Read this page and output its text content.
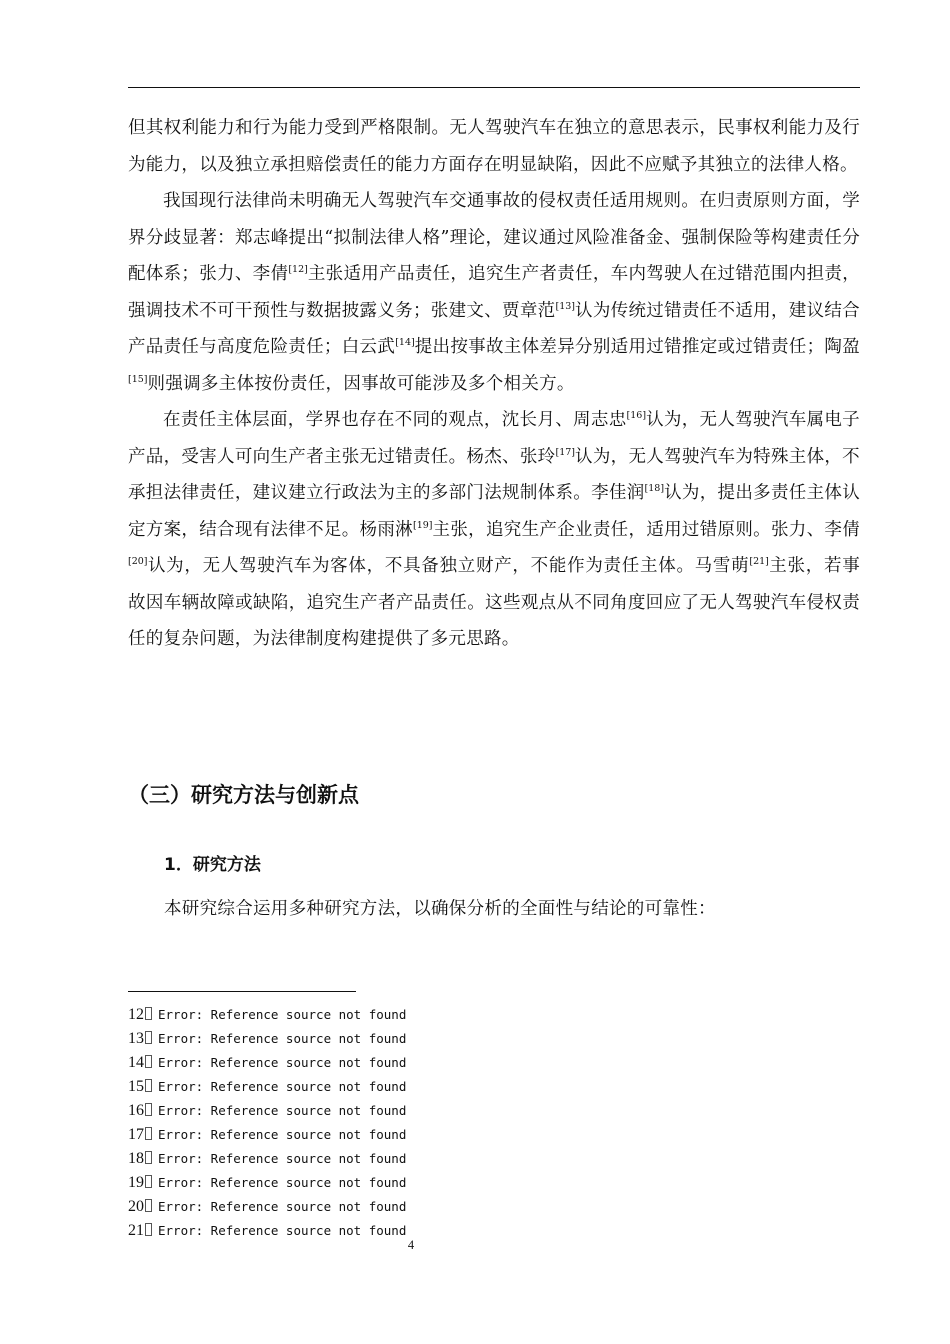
但其权利能力和行为能力受到严格限制。无人驾驶汽车在独立的意思表示，民事权利能力及行为能力，以及独立承担赔偿责任的能力方面存在明显缺陷，因此不应赋予其独立的法律人格。

我国现行法律尚未明确无人驾驶汽车交通事故的侵权责任适用规则。在归责原则方面，学界分歧显著：郑志峰提出“拟制法律人格”理论，建议通过风险准备金、强制保险等构建责任分配体系；张力、李倩[12]主张适用产品责任，追究生产者责任，车内驾驶人在过错范围内担责，强调技术不可干预性与数据披露义务；张建文、贾章范[13]认为传统过错责任不适用，建议结合产品责任与高度危险责任；白云武[14]提出按事故主体差异分别适用过错推定或过错责任；陶盈[15]则强调多主体按份责任，因事故可能涉及多个相关方。

在责任主体层面，学界也存在不同的观点，沈长月、周志忠[16]认为，无人驾驶汽车属电子产品，受害人可向生产者主张无过错责任。杨杰、张玲[17]认为，无人驾驶汽车为特殊主体，不承担法律责任，建议建立行政法为主的多部门法规制体系。李佳润[18]认为，提出多责任主体认定方案，结合现有法律不足。杨雨淋[19]主张，追究生产企业责任，适用过错原则。张力、李倩[20]认为，无人驾驶汽车为客体，不具备独立财产，不能作为责任主体。马雪萌[21]主张，若事故因车辆故障或缺陷，追究生产者产品责任。这些观点从不同角度回应了无人驾驶汽车侵权责任的复杂问题，为法律制度构建提供了多元思路。

（三）研究方法与创新点
1．研究方法
本研究综合运用多种研究方法，以确保分析的全面性与结论的可靠性：
12 Error: Reference source not found
13 Error: Reference source not found
14 Error: Reference source not found
15 Error: Reference source not found
16 Error: Reference source not found
17 Error: Reference source not found
18 Error: Reference source not found
19 Error: Reference source not found
20 Error: Reference source not found
21 Error: Reference source not found
4
